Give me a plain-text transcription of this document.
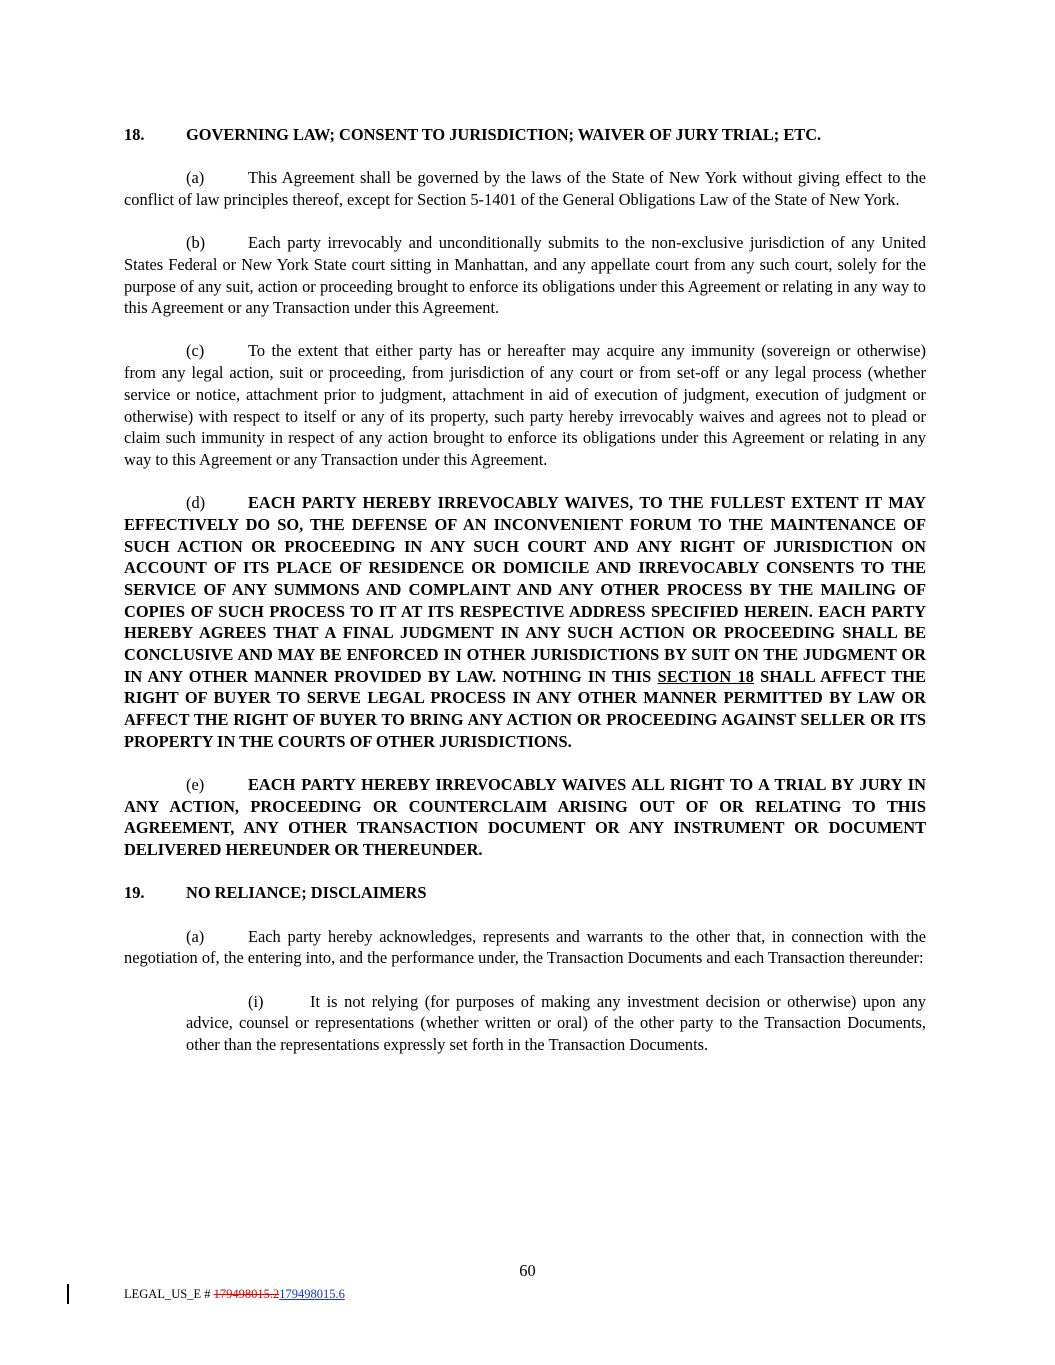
18.	GOVERNING LAW; CONSENT TO JURISDICTION; WAIVER OF JURY TRIAL; ETC.
(a)	This Agreement shall be governed by the laws of the State of New York without giving effect to the conflict of law principles thereof, except for Section 5-1401 of the General Obligations Law of the State of New York.
(b)	Each party irrevocably and unconditionally submits to the non-exclusive jurisdiction of any United States Federal or New York State court sitting in Manhattan, and any appellate court from any such court, solely for the purpose of any suit, action or proceeding brought to enforce its obligations under this Agreement or relating in any way to this Agreement or any Transaction under this Agreement.
(c)	To the extent that either party has or hereafter may acquire any immunity (sovereign or otherwise) from any legal action, suit or proceeding, from jurisdiction of any court or from set-off or any legal process (whether service or notice, attachment prior to judgment, attachment in aid of execution of judgment, execution of judgment or otherwise) with respect to itself or any of its property, such party hereby irrevocably waives and agrees not to plead or claim such immunity in respect of any action brought to enforce its obligations under this Agreement or relating in any way to this Agreement or any Transaction under this Agreement.
(d)	EACH PARTY HEREBY IRREVOCABLY WAIVES, TO THE FULLEST EXTENT IT MAY EFFECTIVELY DO SO, THE DEFENSE OF AN INCONVENIENT FORUM TO THE MAINTENANCE OF SUCH ACTION OR PROCEEDING IN ANY SUCH COURT AND ANY RIGHT OF JURISDICTION ON ACCOUNT OF ITS PLACE OF RESIDENCE OR DOMICILE AND IRREVOCABLY CONSENTS TO THE SERVICE OF ANY SUMMONS AND COMPLAINT AND ANY OTHER PROCESS BY THE MAILING OF COPIES OF SUCH PROCESS TO IT AT ITS RESPECTIVE ADDRESS SPECIFIED HEREIN. EACH PARTY HEREBY AGREES THAT A FINAL JUDGMENT IN ANY SUCH ACTION OR PROCEEDING SHALL BE CONCLUSIVE AND MAY BE ENFORCED IN OTHER JURISDICTIONS BY SUIT ON THE JUDGMENT OR IN ANY OTHER MANNER PROVIDED BY LAW. NOTHING IN THIS SECTION 18 SHALL AFFECT THE RIGHT OF BUYER TO SERVE LEGAL PROCESS IN ANY OTHER MANNER PERMITTED BY LAW OR AFFECT THE RIGHT OF BUYER TO BRING ANY ACTION OR PROCEEDING AGAINST SELLER OR ITS PROPERTY IN THE COURTS OF OTHER JURISDICTIONS.
(e)	EACH PARTY HEREBY IRREVOCABLY WAIVES ALL RIGHT TO A TRIAL BY JURY IN ANY ACTION, PROCEEDING OR COUNTERCLAIM ARISING OUT OF OR RELATING TO THIS AGREEMENT, ANY OTHER TRANSACTION DOCUMENT OR ANY INSTRUMENT OR DOCUMENT DELIVERED HEREUNDER OR THEREUNDER.
19.	NO RELIANCE; DISCLAIMERS
(a)	Each party hereby acknowledges, represents and warrants to the other that, in connection with the negotiation of, the entering into, and the performance under, the Transaction Documents and each Transaction thereunder:
(i)	It is not relying (for purposes of making any investment decision or otherwise) upon any advice, counsel or representations (whether written or oral) of the other party to the Transaction Documents, other than the representations expressly set forth in the Transaction Documents.
60
LEGAL_US_E # 179498015.2179498015.6
